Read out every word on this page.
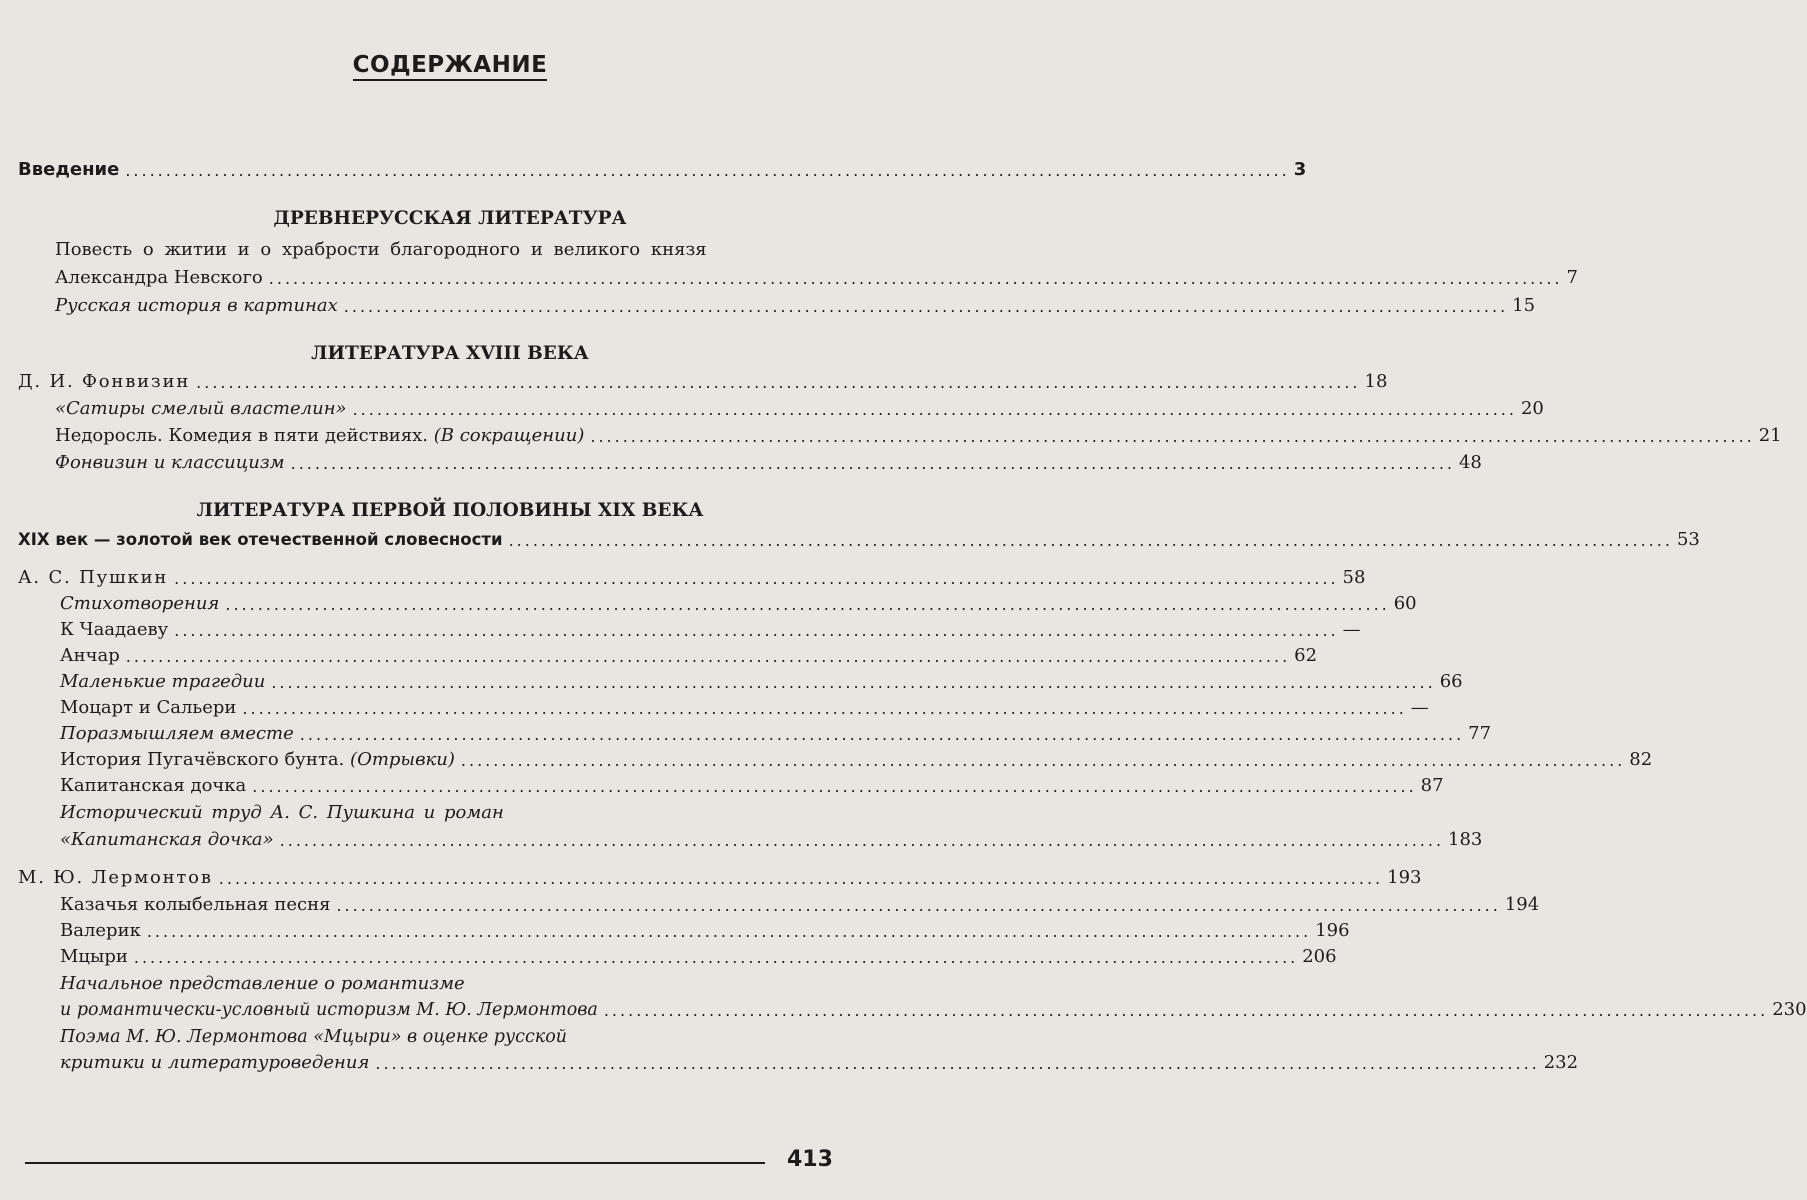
СОДЕРЖАНИЕ
Введение ................................................................................................................................................ 3
ДРЕВНЕРУССКАЯ ЛИТЕРАТУРА
Повесть о житии и о храбрости благородного и великого князя
Александра Невского ................................................................................................................................................................ 7
Русская история в картинах ................................................................................................................................................ 15
ЛИТЕРАТУРА XVIII ВЕКА
Д. И. Фонвизин ................................................................................................................................................ 18
«Сатиры смелый властелин» ................................................................................................................................................ 20
Недоросль. Комедия в пяти действиях. (В сокращении) ................................................................................................................................................ 21
Фонвизин и классицизм ................................................................................................................................................ 48
ЛИТЕРАТУРА ПЕРВОЙ ПОЛОВИНЫ XIX ВЕКА
XIX век — золотой век отечественной словесности ................................................................................................................................................ 53
А. С. Пушкин ................................................................................................................................................ 58
Стихотворения ................................................................................................................................................ 60
К Чаадаеву ................................................................................................................................................ —
Анчар ................................................................................................................................................ 62
Маленькие трагедии ................................................................................................................................................ 66
Моцарт и Сальери ................................................................................................................................................ —
Поразмышляем вместе ................................................................................................................................................ 77
История Пугачёвского бунта. (Отрывки) ................................................................................................................................................ 82
Капитанская дочка ................................................................................................................................................ 87
Исторический труд А. С. Пушкина и роман
«Капитанская дочка» ................................................................................................................................................ 183
М. Ю. Лермонтов ................................................................................................................................................ 193
Казачья колыбельная песня ................................................................................................................................................ 194
Валерик ................................................................................................................................................ 196
Мцыри ................................................................................................................................................ 206
Начальное представление о романтизме
и романтически-условный историзм М. Ю. Лермонтова ................................................................................................................................................ 230
Поэма М. Ю. Лермонтова «Мцыри» в оценке русской
критики и литературоведения ................................................................................................................................................ 232
413
